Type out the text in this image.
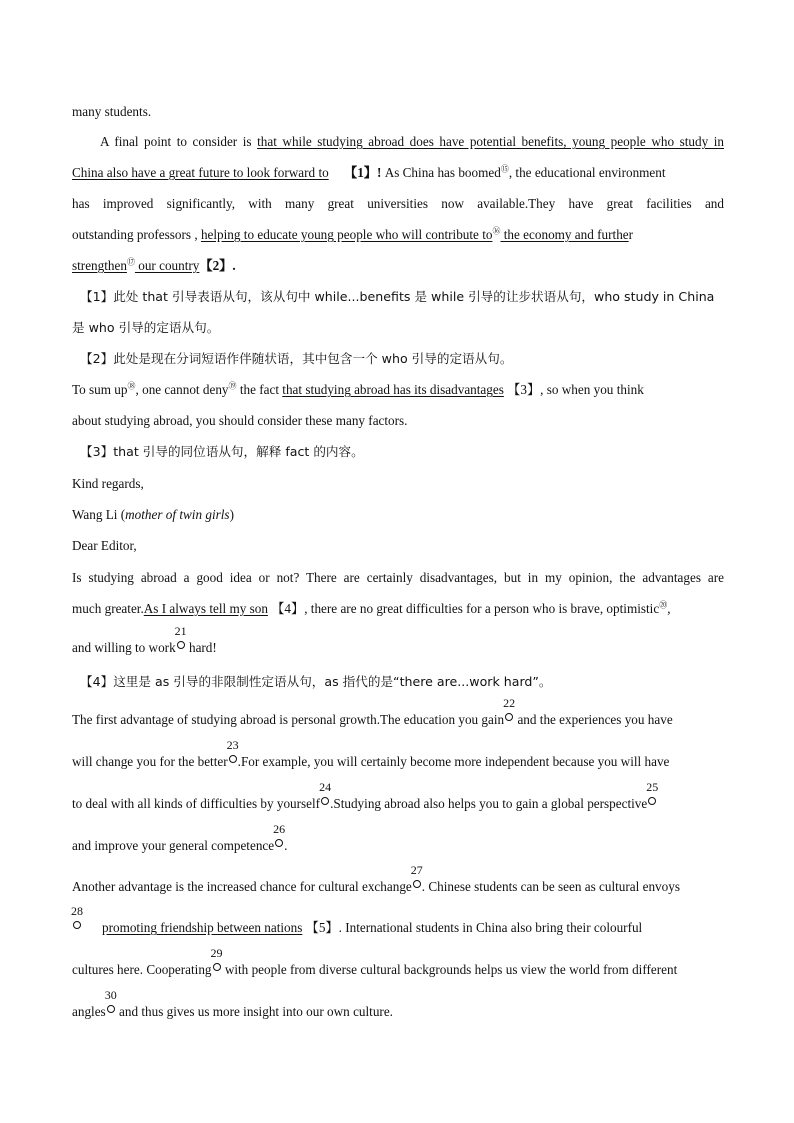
many students.
A final point to consider is that while studying abroad does have potential benefits, young people who study in
China also have a great future to look forward to 【1】! As China has boomed⑮, the educational environment
has improved significantly, with many great universities now available.They have great facilities and
outstanding professors , helping to educate young people who will contribute to⑯ the economy and further
strengthen⑰ our country【2】.
【1】此处 that 引导表语从句，该从句中 while...benefits 是 while 引导的让步状语从句，who study in China
是 who 引导的定语从句。
【2】此处是现在分词短语作伴随状语，其中包含一个 who 引导的定语从句。
To sum up⑱, one cannot deny⑲ the fact that studying abroad has its disadvantages 【3】, so when you think
about studying abroad, you should consider these many factors.
【3】that 引导的同位语从句，解释 fact 的内容。
Kind regards,
Wang Li (mother of twin girls)
Dear Editor,
Is studying abroad a good idea or not? There are certainly disadvantages, but in my opinion, the advantages are
much greater.As I always tell my son 【4】, there are no great difficulties for a person who is brave, optimistic⑳,
and willing to work
21
hard!
【4】这里是 as 引导的非限制性定语从句，as 指代的是“there are...work hard”。
The first advantage of studying abroad is personal growth.The education you gain
22
and the experiences you have
will change you for the better
23
.For example, you will certainly become more independent because you will have
to deal with all kinds of difficulties by yourself
24
.Studying abroad also helps you to gain a global perspective
25
and improve your general competence
26
.
Another advantage is the increased chance for cultural exchange
27
. Chinese students can be seen as cultural envoys
28
promoting friendship between nations 【5】. International students in China also bring their colourful
cultures here. Cooperating
29
with people from diverse cultural backgrounds helps us view the world from different
angles
30
and thus gives us more insight into our own culture.
